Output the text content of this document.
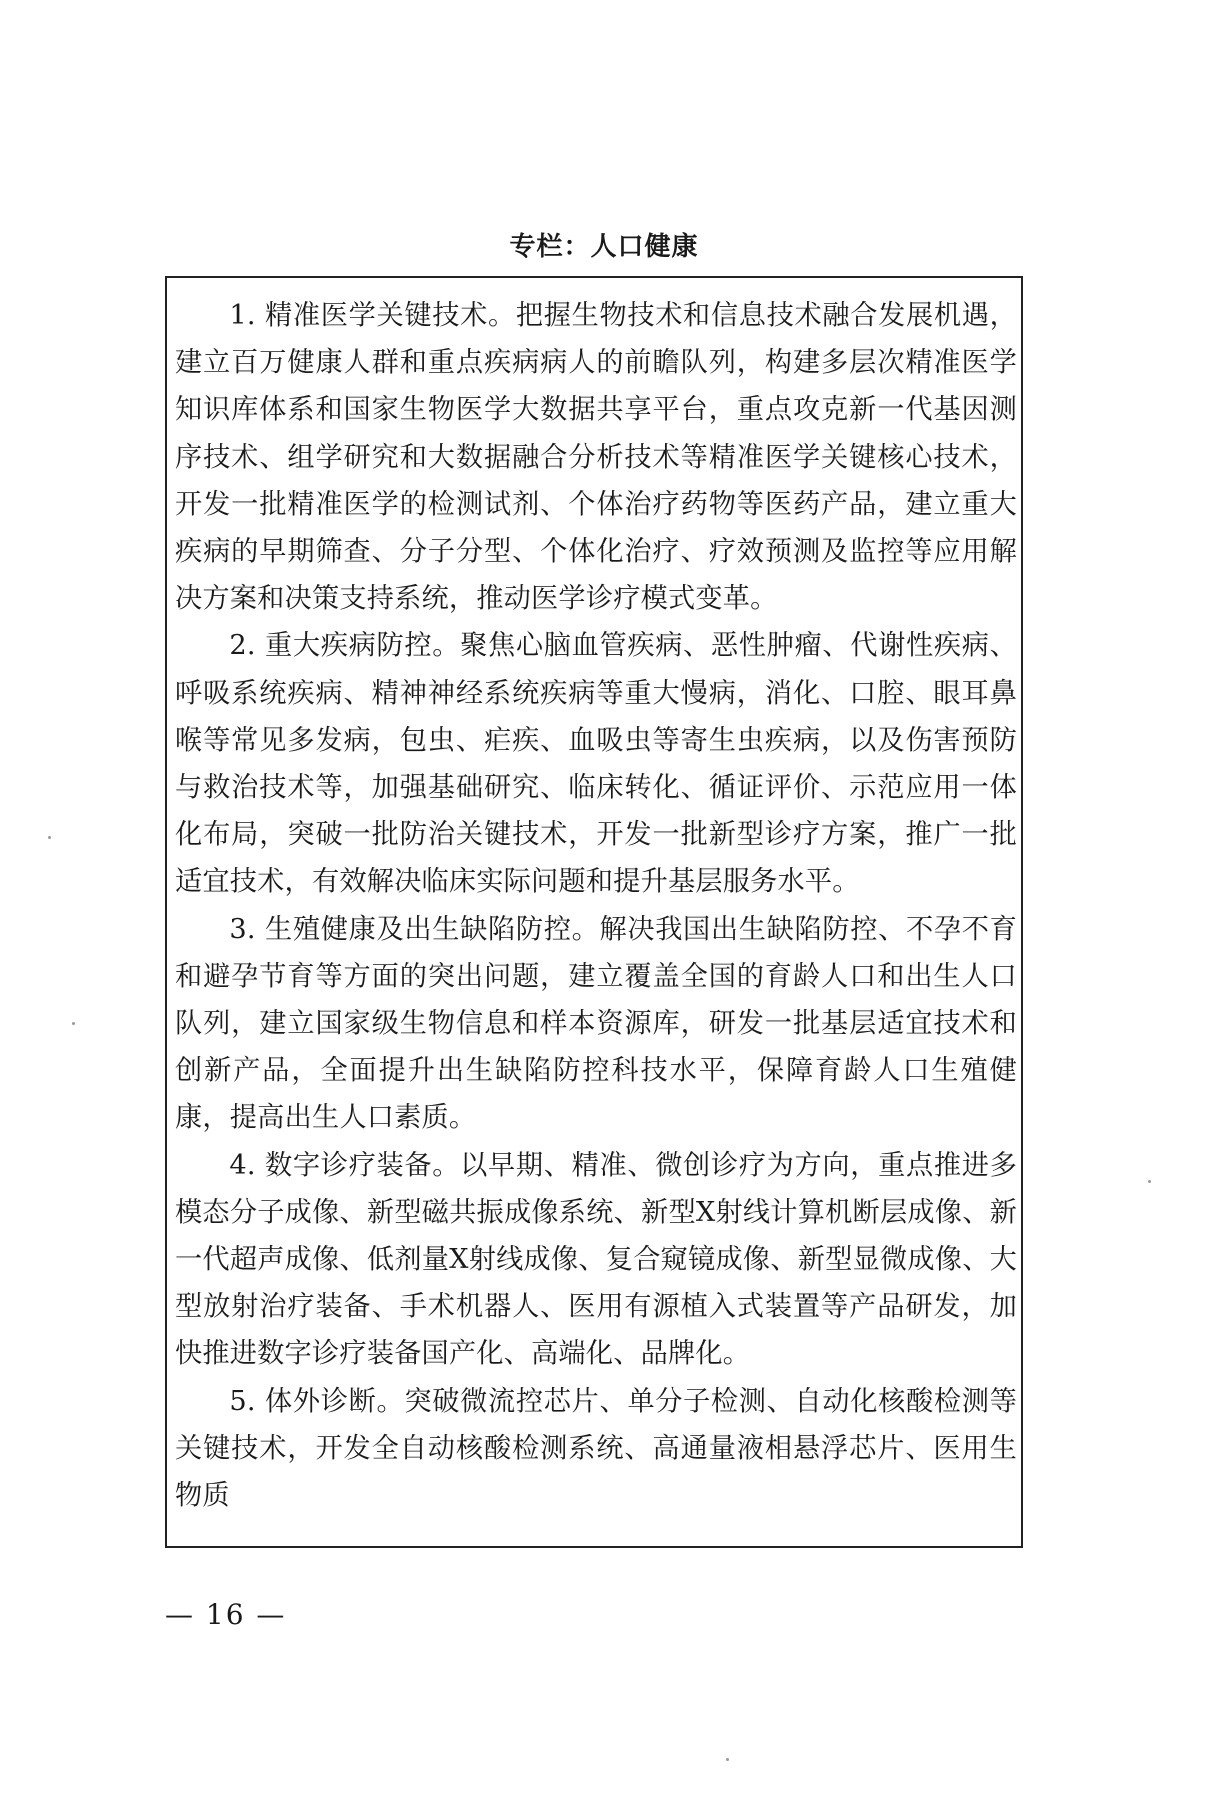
专栏：人口健康

1. 精准医学关键技术。把握生物技术和信息技术融合发展机遇，建立百万健康人群和重点疾病病人的前瞻队列，构建多层次精准医学知识库体系和国家生物医学大数据共享平台，重点攻克新一代基因测序技术、组学研究和大数据融合分析技术等精准医学关键核心技术，开发一批精准医学的检测试剂、个体治疗药物等医药产品，建立重大疾病的早期筛查、分子分型、个体化治疗、疗效预测及监控等应用解决方案和决策支持系统，推动医学诊疗模式变革。

2. 重大疾病防控。聚焦心脑血管疾病、恶性肿瘤、代谢性疾病、呼吸系统疾病、精神神经系统疾病等重大慢病，消化、口腔、眼耳鼻喉等常见多发病，包虫、疟疾、血吸虫等寄生虫疾病，以及伤害预防与救治技术等，加强基础研究、临床转化、循证评价、示范应用一体化布局，突破一批防治关键技术，开发一批新型诊疗方案，推广一批适宜技术，有效解决临床实际问题和提升基层服务水平。

3. 生殖健康及出生缺陷防控。解决我国出生缺陷防控、不孕不育和避孕节育等方面的突出问题，建立覆盖全国的育龄人口和出生人口队列，建立国家级生物信息和样本资源库，研发一批基层适宜技术和创新产品，全面提升出生缺陷防控科技水平，保障育龄人口生殖健康，提高出生人口素质。

4. 数字诊疗装备。以早期、精准、微创诊疗为方向，重点推进多模态分子成像、新型磁共振成像系统、新型X射线计算机断层成像、新一代超声成像、低剂量X射线成像、复合窥镜成像、新型显微成像、大型放射治疗装备、手术机器人、医用有源植入式装置等产品研发，加快推进数字诊疗装备国产化、高端化、品牌化。

5. 体外诊断。突破微流控芯片、单分子检测、自动化核酸检测等关键技术，开发全自动核酸检测系统、高通量液相悬浮芯片、医用生物质

— 16 —
